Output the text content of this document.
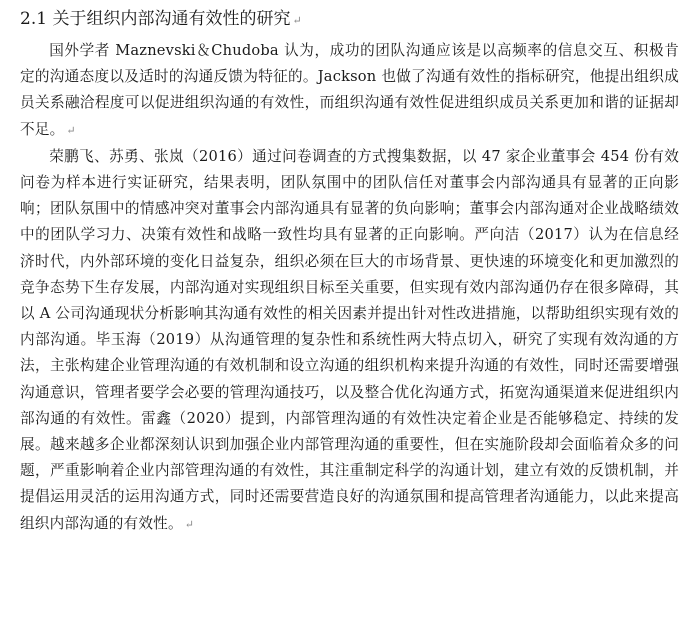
2.1 关于组织内部沟通有效性的研究 ↵

国外学者 Maznevski＆Chudoba 认为，成功的团队沟通应该是以高频率的信息交互、积极肯定的沟通态度以及适时的沟通反馈为特征的。Jackson 也做了沟通有效性的指标研究，他提出组织成员关系融洽程度可以促进组织沟通的有效性，而组织沟通有效性促进组织成员关系更加和谐的证据却不足。 ↵

荣鹏飞、苏勇、张岚（2016）通过问卷调查的方式搜集数据，以 47 家企业董事会 454 份有效问卷为样本进行实证研究，结果表明，团队氛围中的团队信任对董事会内部沟通具有显著的正向影响；团队氛围中的情感冲突对董事会内部沟通具有显著的负向影响；董事会内部沟通对企业战略绩效中的团队学习力、决策有效性和战略一致性均具有显著的正向影响。严向洁（2017）认为在信息经济时代，内外部环境的变化日益复杂，组织必须在巨大的市场背景、更快速的环境变化和更加激烈的竞争态势下生存发展，内部沟通对实现组织目标至关重要，但实现有效内部沟通仍存在很多障碍，其以 A 公司沟通现状分析影响其沟通有效性的相关因素并提出针对性改进措施，以帮助组织实现有效的内部沟通。毕玉海（2019）从沟通管理的复杂性和系统性两大特点切入，研究了实现有效沟通的方法，主张构建企业管理沟通的有效机制和设立沟通的组织机构来提升沟通的有效性，同时还需要增强沟通意识，管理者要学会必要的管理沟通技巧，以及整合优化沟通方式，拓宽沟通渠道来促进组织内部沟通的有效性。雷鑫（2020）提到，内部管理沟通的有效性决定着企业是否能够稳定、持续的发展。越来越多企业都深刻认识到加强企业内部管理沟通的重要性，但在实施阶段却会面临着众多的问题，严重影响着企业内部管理沟通的有效性，其注重制定科学的沟通计划，建立有效的反馈机制，并提倡运用灵活的运用沟通方式，同时还需要营造良好的沟通氛围和提高管理者沟通能力，以此来提高组织内部沟通的有效性。 ↵
